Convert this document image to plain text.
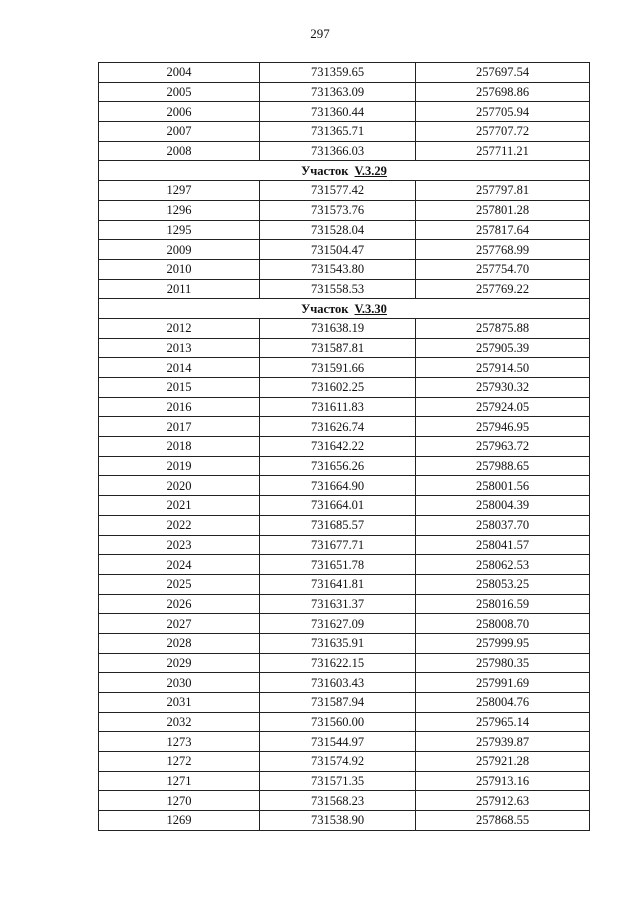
297
2004	731359.65	257697.54
2005	731363.09	257698.86
2006	731360.44	257705.94
2007	731365.71	257707.72
2008	731366.03	257711.21
Участок V.3.29		
1297	731577.42	257797.81
1296	731573.76	257801.28
1295	731528.04	257817.64
2009	731504.47	257768.99
2010	731543.80	257754.70
2011	731558.53	257769.22
Участок V.3.30		
2012	731638.19	257875.88
2013	731587.81	257905.39
2014	731591.66	257914.50
2015	731602.25	257930.32
2016	731611.83	257924.05
2017	731626.74	257946.95
2018	731642.22	257963.72
2019	731656.26	257988.65
2020	731664.90	258001.56
2021	731664.01	258004.39
2022	731685.57	258037.70
2023	731677.71	258041.57
2024	731651.78	258062.53
2025	731641.81	258053.25
2026	731631.37	258016.59
2027	731627.09	258008.70
2028	731635.91	257999.95
2029	731622.15	257980.35
2030	731603.43	257991.69
2031	731587.94	258004.76
2032	731560.00	257965.14
1273	731544.97	257939.87
1272	731574.92	257921.28
1271	731571.35	257913.16
1270	731568.23	257912.63
1269	731538.90	257868.55
